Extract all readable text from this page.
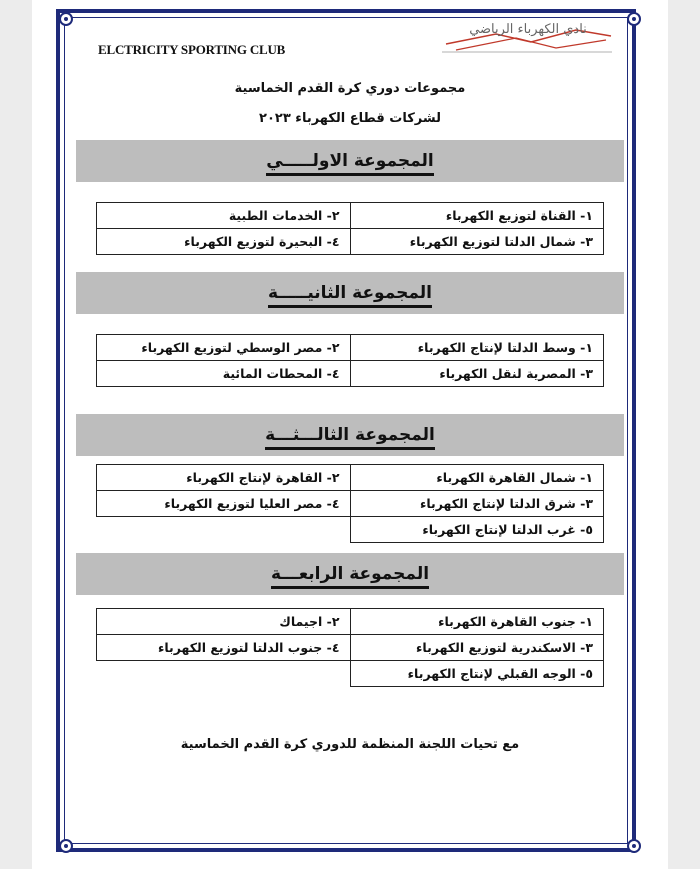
ELCTRICITY SPORTING CLUB
نادي الكهرباء الرياضي
مجموعات دوري كرة القدم الخماسية
لشركات قطاع الكهرباء ٢٠٢٣
المجموعة الاولـــــي
١- القناة لتوزيع الكهرباء	٢- الخدمات الطبية
٣- شمال الدلتا لتوزيع الكهرباء	٤- البحيرة لتوزيع الكهرباء
المجموعة الثانيـــــة
١- وسط الدلتا لإنتاج الكهرباء	٢- مصر الوسطي لتوزيع الكهرباء
٣- المصرية لنقل الكهرباء	٤- المحطات المائية
المجموعة الثالـــثـــة
١- شمال القاهرة الكهرباء	٢- القاهرة لإنتاج الكهرباء
٣- شرق الدلتا لإنتاج الكهرباء	٤- مصر العليا لتوزيع الكهرباء
٥- غرب الدلتا لإنتاج الكهرباء	
المجموعة الرابعـــة
١- جنوب القاهرة الكهرباء	٢- اجيماك
٣- الاسكندرية لتوزيع الكهرباء	٤- جنوب الدلتا لتوزيع الكهرباء
٥- الوجه القبلي لإنتاج الكهرباء	
مع تحيات اللجنة المنظمة للدوري كرة القدم الخماسية
